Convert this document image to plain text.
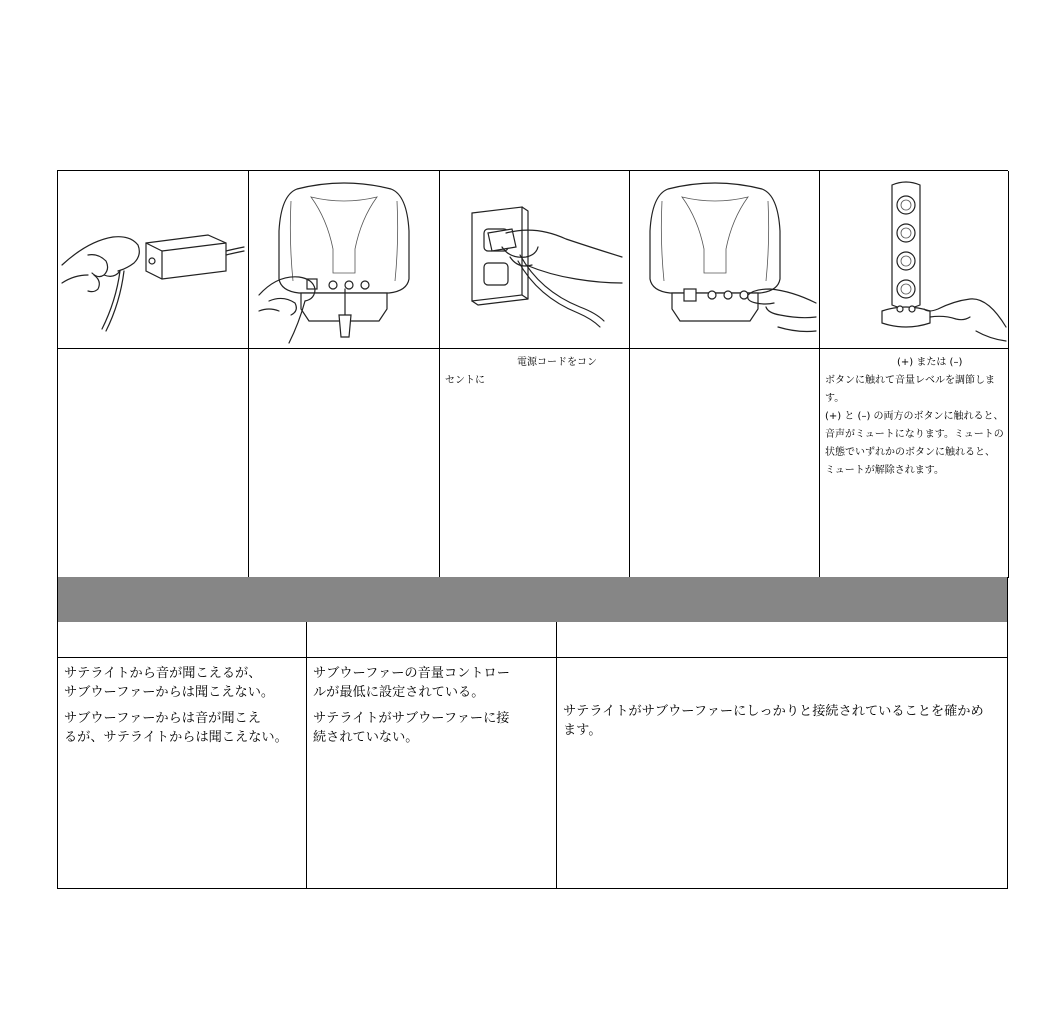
電源コードをコン

セントに

(+) または (–)

ボタンに触れて音量レベルを調節します。

(+) と (–) の両方のボタンに触れると、

音声がミュートになります。ミュートの

状態でいずれかのボタンに触れると、

ミュートが解除されます。

サテライトから音が聞こえるが、
サブウーファーからは聞こえない。

サブウーファーからは音が聞こえ
るが、サテライトからは聞こえない。

サブウーファーの音量コントロー
ルが最低に設定されている。

サテライトがサブウーファーに接
続されていない。

サテライトがサブウーファーにしっかりと接続されていることを確かめ
ます。
